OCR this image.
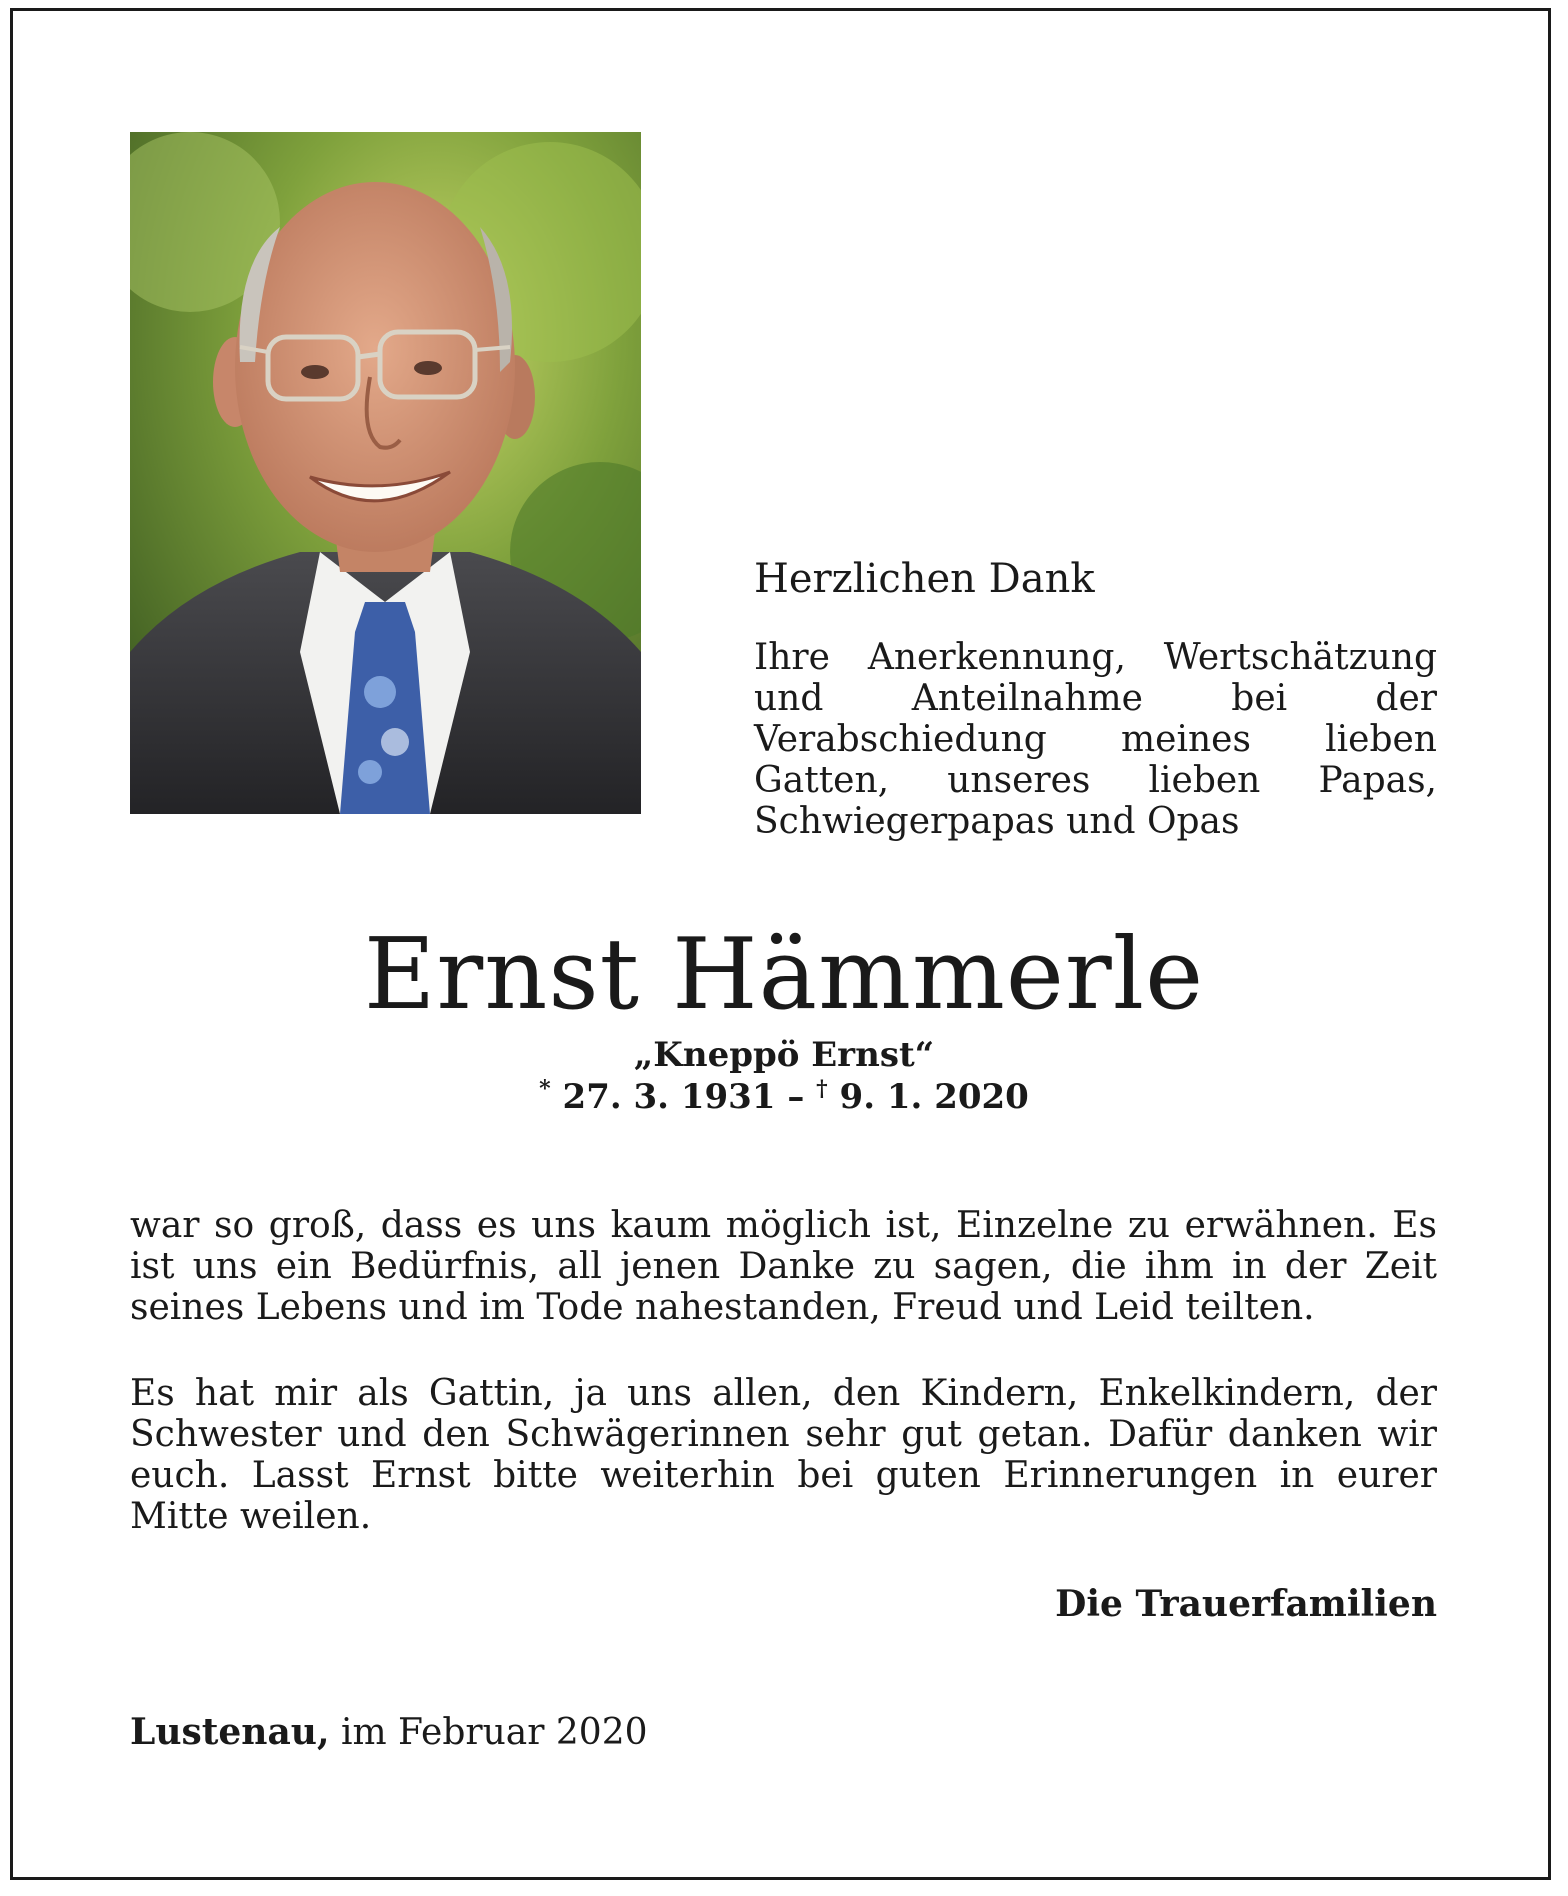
Herzlichen Dank

Ihre Anerkennung, Wertschätzung und Anteilnahme bei der Verabschiedung meines lieben Gatten, unseres lieben Papas, Schwiegerpapas und Opas

Ernst Hämmerle
„Kneppö Ernst“
* 27. 3. 1931 – † 9. 1. 2020

war so groß, dass es uns kaum möglich ist, Einzelne zu erwähnen. Es ist uns ein Bedürfnis, all jenen Danke zu sagen, die ihm in der Zeit seines Lebens und im Tode nahestanden, Freud und Leid teilten.

Es hat mir als Gattin, ja uns allen, den Kindern, Enkelkindern, der Schwester und den Schwägerinnen sehr gut getan. Dafür danken wir euch. Lasst Ernst bitte weiterhin bei guten Erinnerungen in eurer Mitte weilen.

Die Trauerfamilien
Lustenau, im Februar 2020
